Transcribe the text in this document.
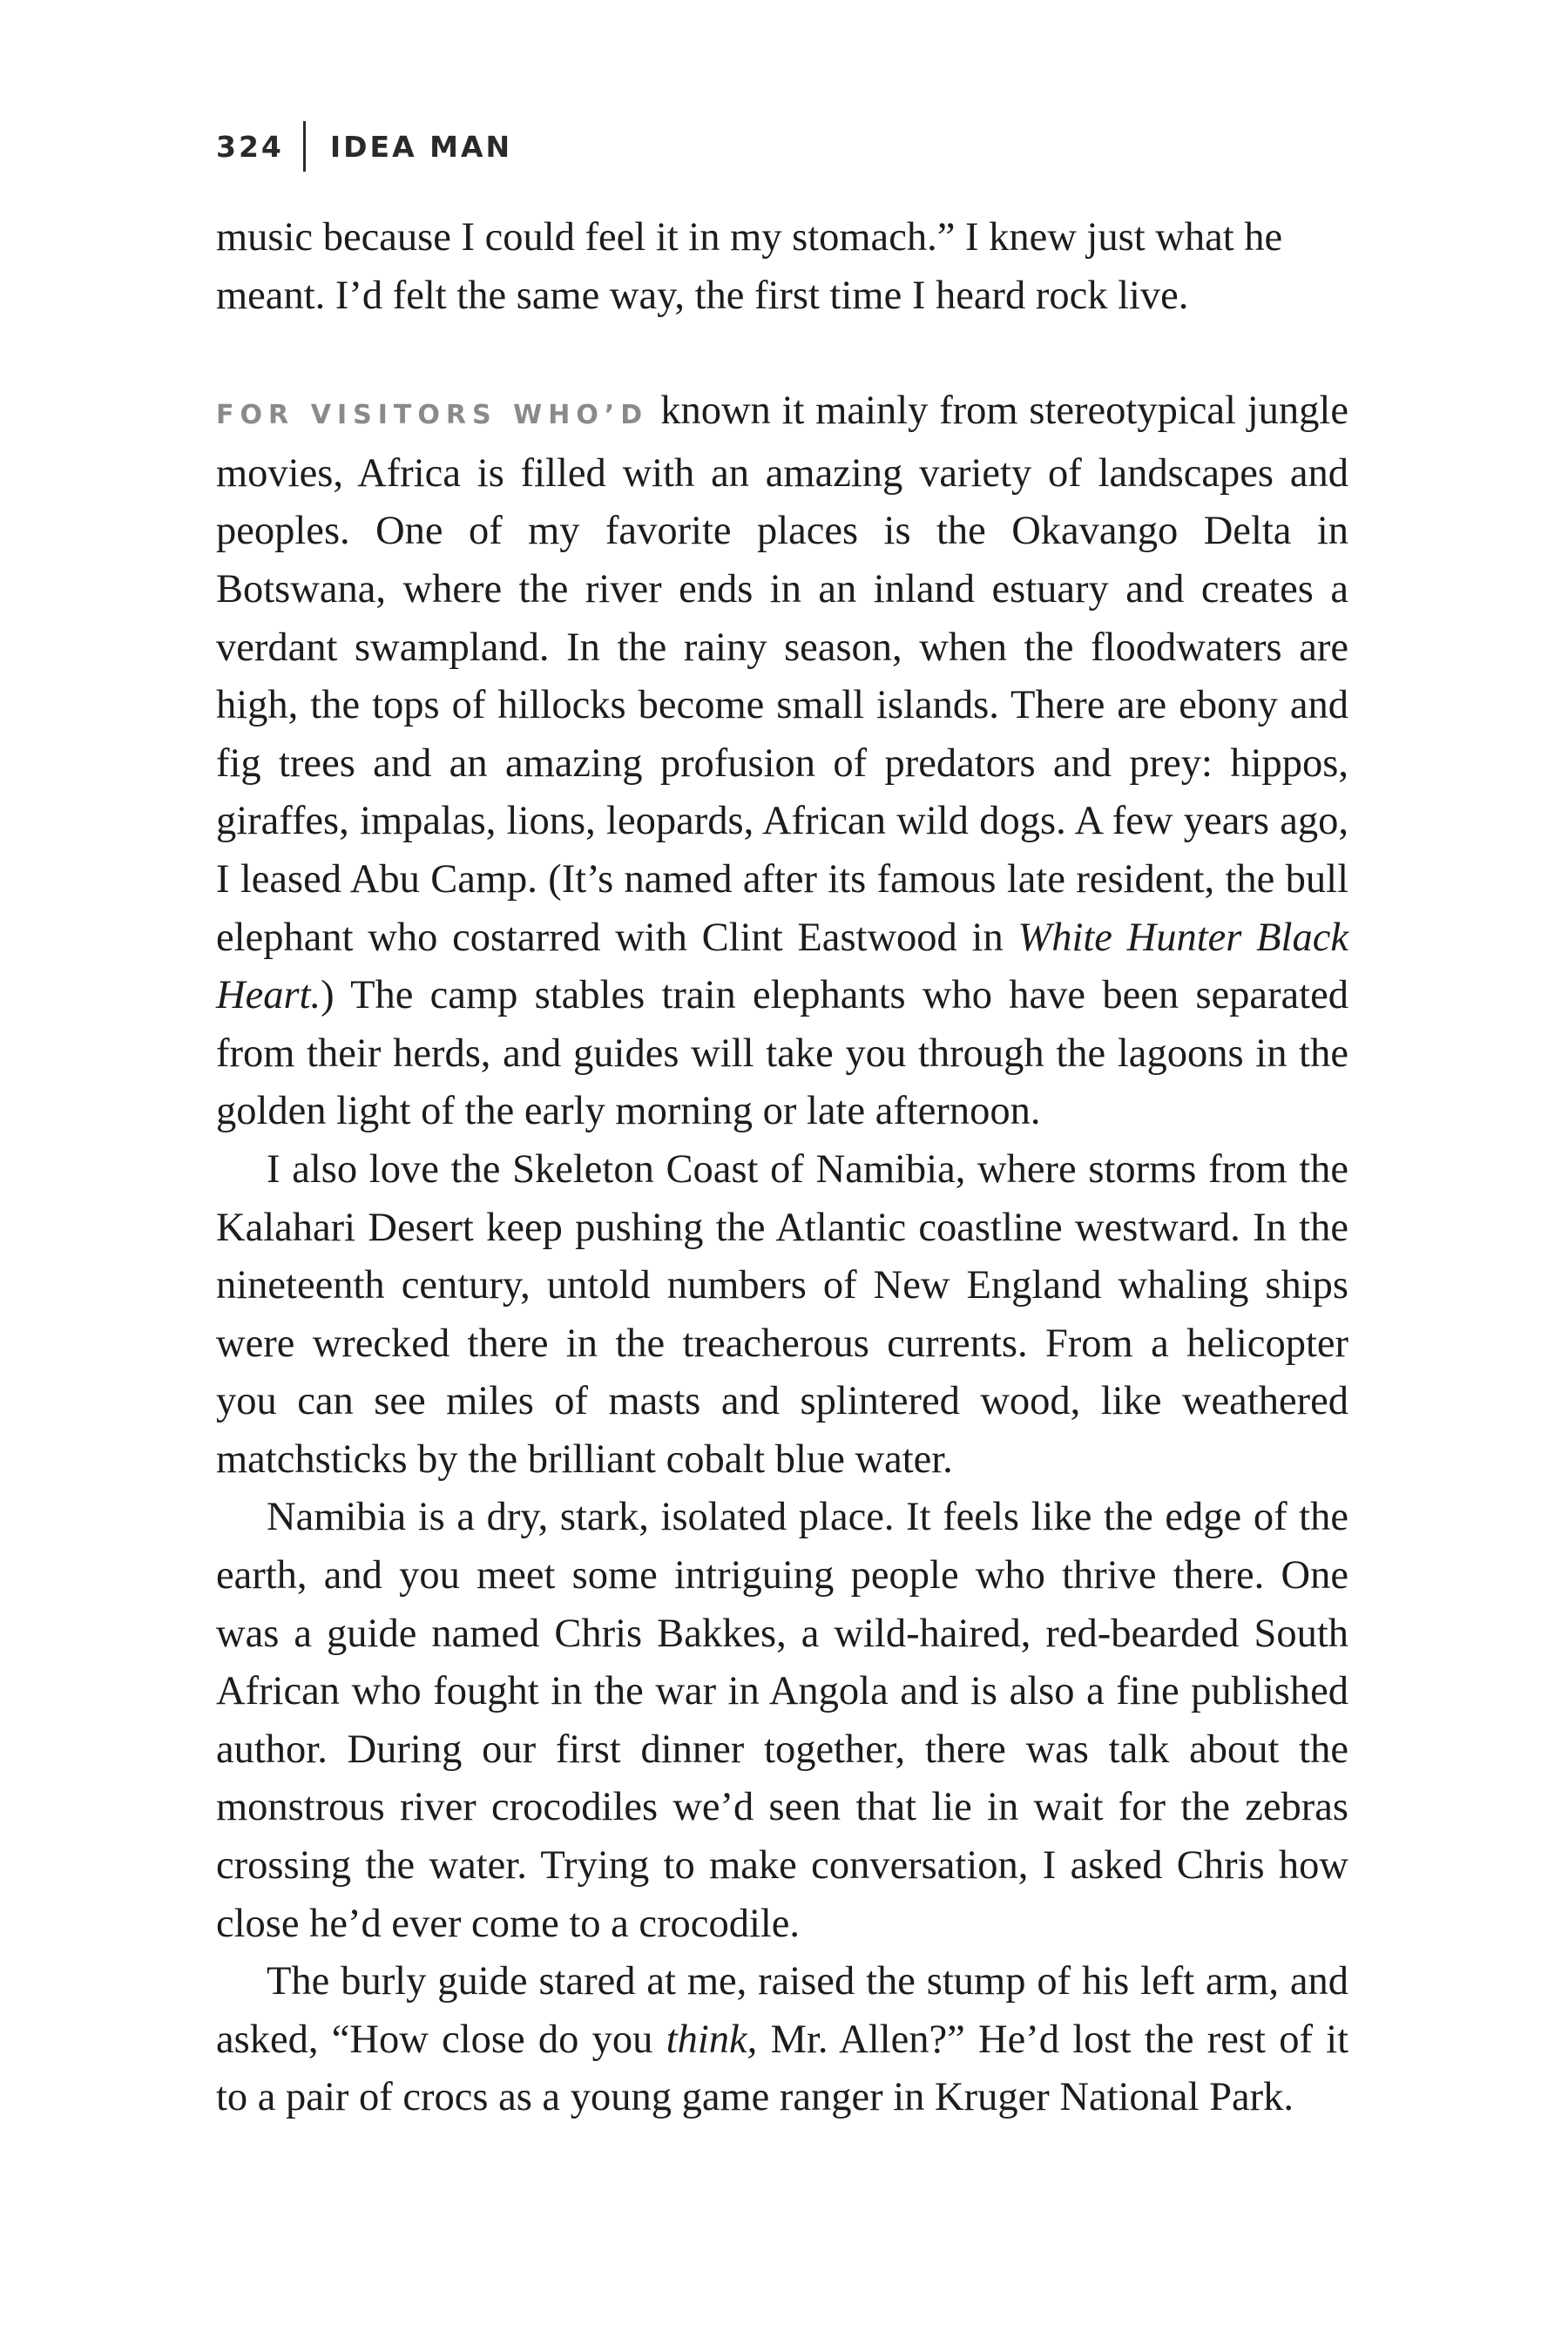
324 IDEA MAN

music because I could feel it in my stomach.” I knew just what he meant. I’d felt the same way, the first time I heard rock live.

FOR VISITORS WHO’D known it mainly from stereotypical jungle movies, Africa is filled with an amazing variety of landscapes and peoples. One of my favorite places is the Okavango Delta in Botswana, where the river ends in an inland estuary and creates a verdant swampland. In the rainy season, when the floodwaters are high, the tops of hillocks become small islands. There are ebony and fig trees and an amazing profusion of predators and prey: hippos, giraffes, impalas, lions, leopards, African wild dogs. A few years ago, I leased Abu Camp. (It’s named after its famous late resident, the bull elephant who costarred with Clint Eastwood in White Hunter Black Heart.) The camp stables train elephants who have been separated from their herds, and guides will take you through the lagoons in the golden light of the early morning or late afternoon.

I also love the Skeleton Coast of Namibia, where storms from the Kalahari Desert keep pushing the Atlantic coastline westward. In the nineteenth century, untold numbers of New England whaling ships were wrecked there in the treacherous currents. From a helicopter you can see miles of masts and splintered wood, like weathered matchsticks by the brilliant cobalt blue water.

Namibia is a dry, stark, isolated place. It feels like the edge of the earth, and you meet some intriguing people who thrive there. One was a guide named Chris Bakkes, a wild-haired, red-bearded South African who fought in the war in Angola and is also a fine published author. During our first dinner together, there was talk about the monstrous river crocodiles we’d seen that lie in wait for the zebras crossing the water. Trying to make conversation, I asked Chris how close he’d ever come to a crocodile.

The burly guide stared at me, raised the stump of his left arm, and asked, “How close do you think, Mr. Allen?” He’d lost the rest of it to a pair of crocs as a young game ranger in Kruger National Park.
